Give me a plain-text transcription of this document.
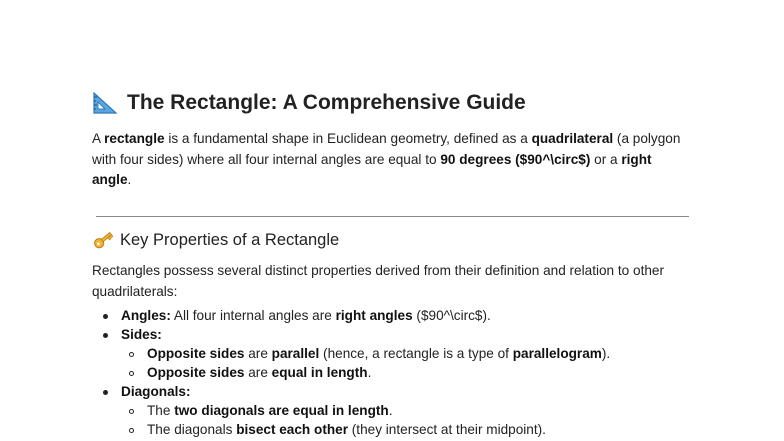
The Rectangle: A Comprehensive Guide
A rectangle is a fundamental shape in Euclidean geometry, defined as a quadrilateral (a polygon with four sides) where all four internal angles are equal to 90 degrees ($90^\circ$) or a right angle.
Key Properties of a Rectangle
Rectangles possess several distinct properties derived from their definition and relation to other quadrilaterals:
Angles: All four internal angles are right angles ($90^\circ$).
Sides:
Opposite sides are parallel (hence, a rectangle is a type of parallelogram).
Opposite sides are equal in length.
Diagonals:
The two diagonals are equal in length.
The diagonals bisect each other (they intersect at their midpoint).
